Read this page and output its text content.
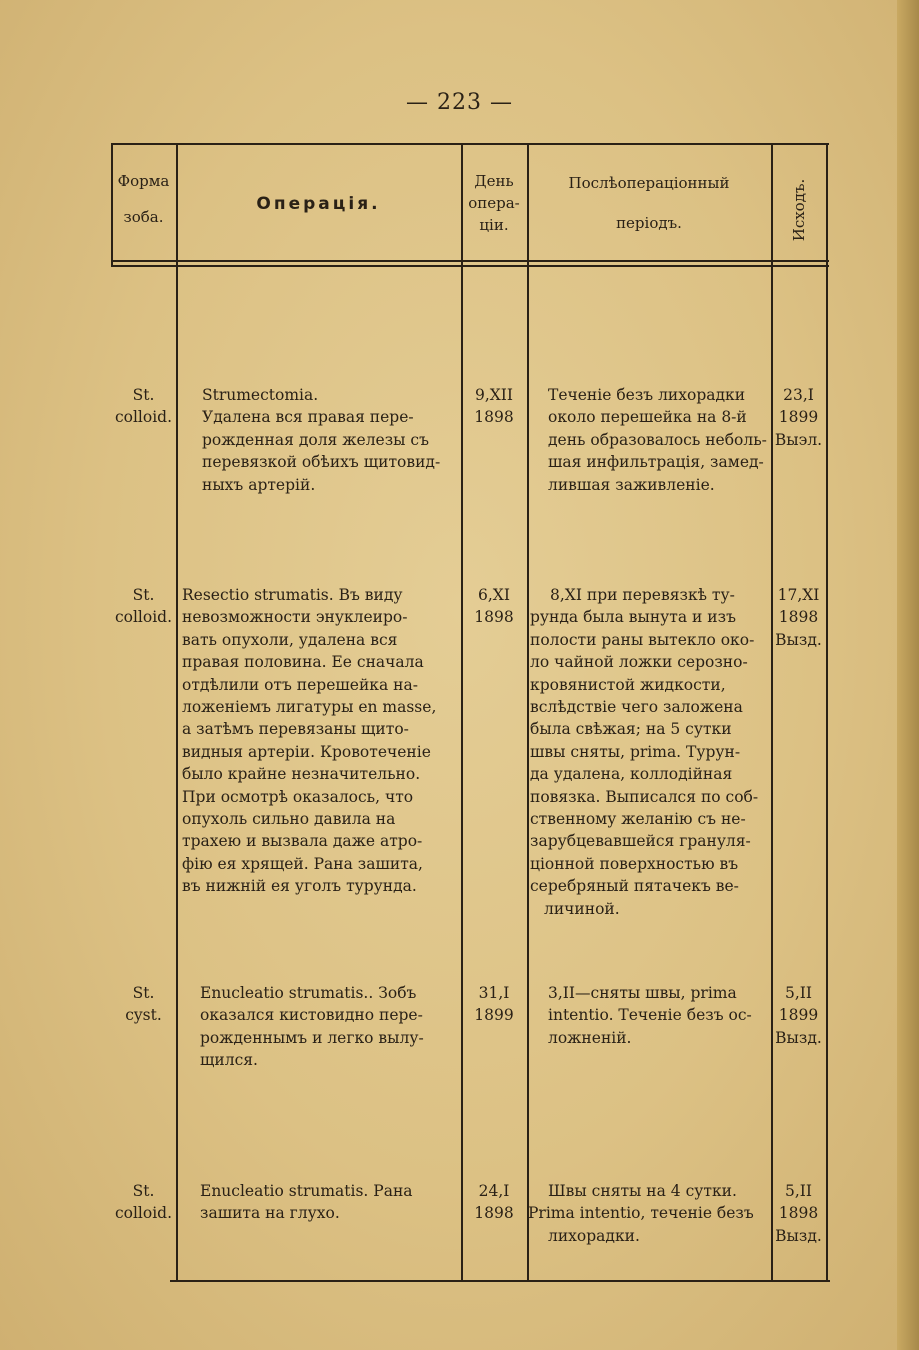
— 223 —
Форма
зоба.
Операція.
День
опера-
ціи.
Послѣоперацiонный
періодъ.	Исходъ.
St.
colloid.
Strumectomia.
Удалена вся правая пере-
рожденная доля железы съ
перевязкой обѣихъ щитовид-
ныхъ артерій.
9,XII
1898
Теченіе безъ лихорадки
около перешейка на 8-й
день образовалось неболь-
шая инфильтрація, замед-
лившая заживленіе.
23,I
1899
Выэл.
St.
colloid.
Resectio strumatis. Въ виду
невозможности энуклеиро-
вать опухоли, удалена вся
правая половина. Ее сначала
отдѣлили отъ перешейка на-
ложеніемъ лигатуры en masse,
а затѣмъ перевязаны щито-
видныя артеріи. Кровотеченіе
было крайне незначительно.
При осмотрѣ оказалось, что
опухоль сильно давила на
трахею и вызвала даже атро-
фію ея хрящей. Рана зашита,
въ нижній ея уголъ турунда.
6,XI
1898
8,XI при перевязкѣ ту-
рунда была вынута и изъ
полости раны вытекло око-
ло чайной ложки серозно-
кровянистой жидкости,
вслѣдствіе чего заложена
была свѣжая; на 5 сутки
швы сняты, prima. Турун-
да удалена, коллодійная
повязка. Выписался по соб-
ственному желанію съ не-
зарубцевавшейся грануля-
ціонной поверхностью въ
серебряный пятачекъ ве-
личиной.
17,XI
1898
Вызд.
St.
cyst.
Enucleatio strumatis.. Зобъ
оказался кистовидно пере-
рожденнымъ и легко вылу-
щился.
31,I
1899
3,II—сняты швы, prima
intentio. Теченіе безъ ос-
ложненій.
5,II
1899
Вызд.
St.
colloid.
Enucleatio strumatis. Рана
зашита на глухо.
24,I
1898
Швы сняты на 4 сутки.
Prima intentio, теченіе безъ
лихорадки.
5,II
1898
Вызд.
